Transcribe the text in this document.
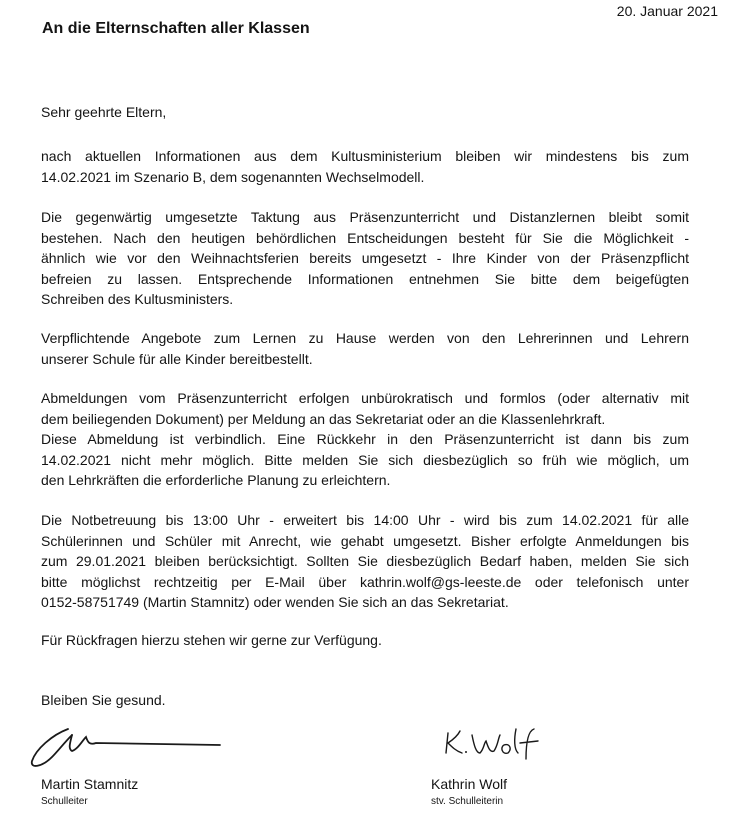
20. Januar 2021
An die Elternschaften aller Klassen

Sehr geehrte Eltern,

nach aktuellen Informationen aus dem Kultusministerium bleiben wir mindestens bis zum
14.02.2021 im Szenario B, dem sogenannten Wechselmodell.

Die gegenwärtig umgesetzte Taktung aus Präsenzunterricht und Distanzlernen bleibt somit
bestehen. Nach den heutigen behördlichen Entscheidungen besteht für Sie die Möglichkeit -
ähnlich wie vor den Weihnachtsferien bereits umgesetzt - Ihre Kinder von der Präsenzpflicht
befreien zu lassen. Entsprechende Informationen entnehmen Sie bitte dem beigefügten
Schreiben des Kultusministers.

Verpflichtende Angebote zum Lernen zu Hause werden von den Lehrerinnen und Lehrern
unserer Schule für alle Kinder bereitbestellt.

Abmeldungen vom Präsenzunterricht erfolgen unbürokratisch und formlos (oder alternativ mit
dem beiliegenden Dokument) per Meldung an das Sekretariat oder an die Klassenlehrkraft.
Diese Abmeldung ist verbindlich. Eine Rückkehr in den Präsenzunterricht ist dann bis zum
14.02.2021 nicht mehr möglich. Bitte melden Sie sich diesbezüglich so früh wie möglich, um
den Lehrkräften die erforderliche Planung zu erleichtern.

Die Notbetreuung bis 13:00 Uhr - erweitert bis 14:00 Uhr - wird bis zum 14.02.2021 für alle
Schülerinnen und Schüler mit Anrecht, wie gehabt umgesetzt. Bisher erfolgte Anmeldungen bis
zum 29.01.2021 bleiben berücksichtigt. Sollten Sie diesbezüglich Bedarf haben, melden Sie sich
bitte möglichst rechtzeitig per E-Mail über kathrin.wolf@gs-leeste.de oder telefonisch unter
0152-58751749 (Martin Stamnitz) oder wenden Sie sich an das Sekretariat.

Für Rückfragen hierzu stehen wir gerne zur Verfügung.

Bleiben Sie gesund.

Martin Stamnitz
Schulleiter
Kathrin Wolf
stv. Schulleiterin
